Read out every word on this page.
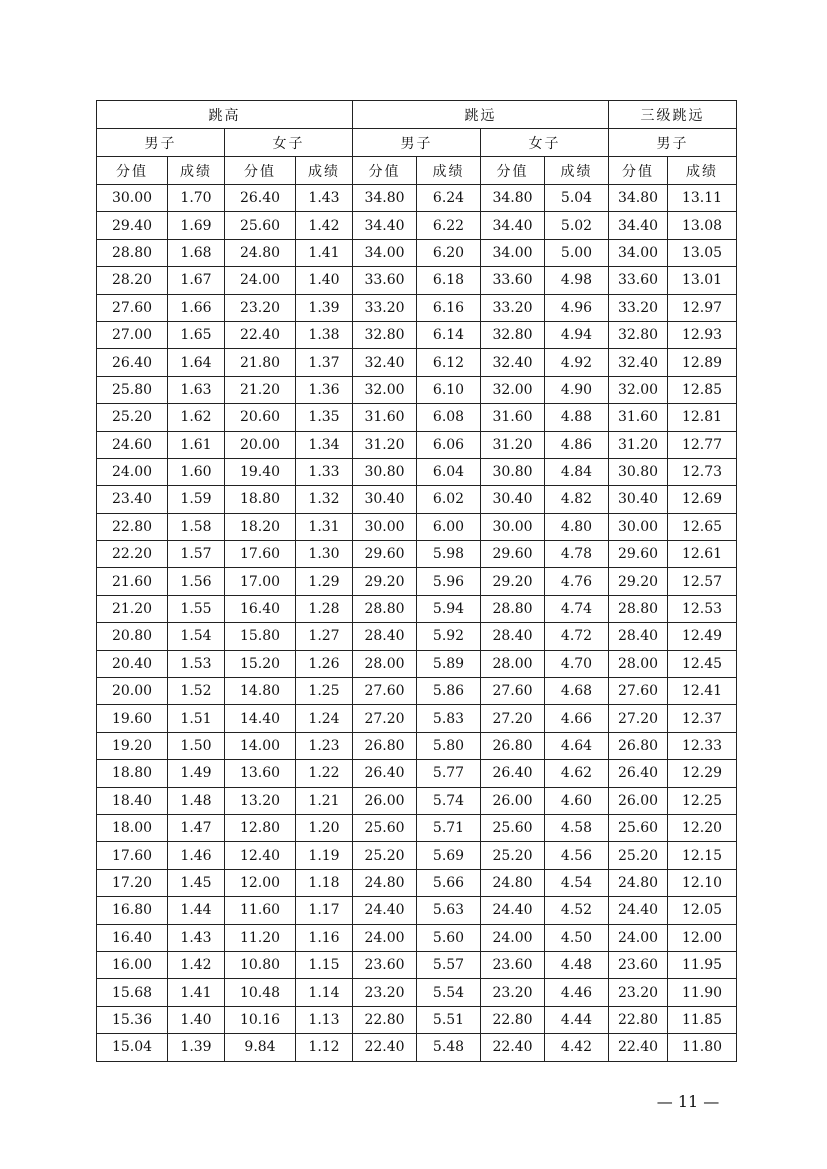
跳高				跳远				三级跳远	
男子		女子		男子		女子		男子	
分值	成绩	分值	成绩	分值	成绩	分值	成绩	分值	成绩
30.00	1.70	26.40	1.43	34.80	6.24	34.80	5.04	34.80	13.11
29.40	1.69	25.60	1.42	34.40	6.22	34.40	5.02	34.40	13.08
28.80	1.68	24.80	1.41	34.00	6.20	34.00	5.00	34.00	13.05
28.20	1.67	24.00	1.40	33.60	6.18	33.60	4.98	33.60	13.01
27.60	1.66	23.20	1.39	33.20	6.16	33.20	4.96	33.20	12.97
27.00	1.65	22.40	1.38	32.80	6.14	32.80	4.94	32.80	12.93
26.40	1.64	21.80	1.37	32.40	6.12	32.40	4.92	32.40	12.89
25.80	1.63	21.20	1.36	32.00	6.10	32.00	4.90	32.00	12.85
25.20	1.62	20.60	1.35	31.60	6.08	31.60	4.88	31.60	12.81
24.60	1.61	20.00	1.34	31.20	6.06	31.20	4.86	31.20	12.77
24.00	1.60	19.40	1.33	30.80	6.04	30.80	4.84	30.80	12.73
23.40	1.59	18.80	1.32	30.40	6.02	30.40	4.82	30.40	12.69
22.80	1.58	18.20	1.31	30.00	6.00	30.00	4.80	30.00	12.65
22.20	1.57	17.60	1.30	29.60	5.98	29.60	4.78	29.60	12.61
21.60	1.56	17.00	1.29	29.20	5.96	29.20	4.76	29.20	12.57
21.20	1.55	16.40	1.28	28.80	5.94	28.80	4.74	28.80	12.53
20.80	1.54	15.80	1.27	28.40	5.92	28.40	4.72	28.40	12.49
20.40	1.53	15.20	1.26	28.00	5.89	28.00	4.70	28.00	12.45
20.00	1.52	14.80	1.25	27.60	5.86	27.60	4.68	27.60	12.41
19.60	1.51	14.40	1.24	27.20	5.83	27.20	4.66	27.20	12.37
19.20	1.50	14.00	1.23	26.80	5.80	26.80	4.64	26.80	12.33
18.80	1.49	13.60	1.22	26.40	5.77	26.40	4.62	26.40	12.29
18.40	1.48	13.20	1.21	26.00	5.74	26.00	4.60	26.00	12.25
18.00	1.47	12.80	1.20	25.60	5.71	25.60	4.58	25.60	12.20
17.60	1.46	12.40	1.19	25.20	5.69	25.20	4.56	25.20	12.15
17.20	1.45	12.00	1.18	24.80	5.66	24.80	4.54	24.80	12.10
16.80	1.44	11.60	1.17	24.40	5.63	24.40	4.52	24.40	12.05
16.40	1.43	11.20	1.16	24.00	5.60	24.00	4.50	24.00	12.00
16.00	1.42	10.80	1.15	23.60	5.57	23.60	4.48	23.60	11.95
15.68	1.41	10.48	1.14	23.20	5.54	23.20	4.46	23.20	11.90
15.36	1.40	10.16	1.13	22.80	5.51	22.80	4.44	22.80	11.85
15.04	1.39	9.84	1.12	22.40	5.48	22.40	4.42	22.40	11.80
— 11 —
